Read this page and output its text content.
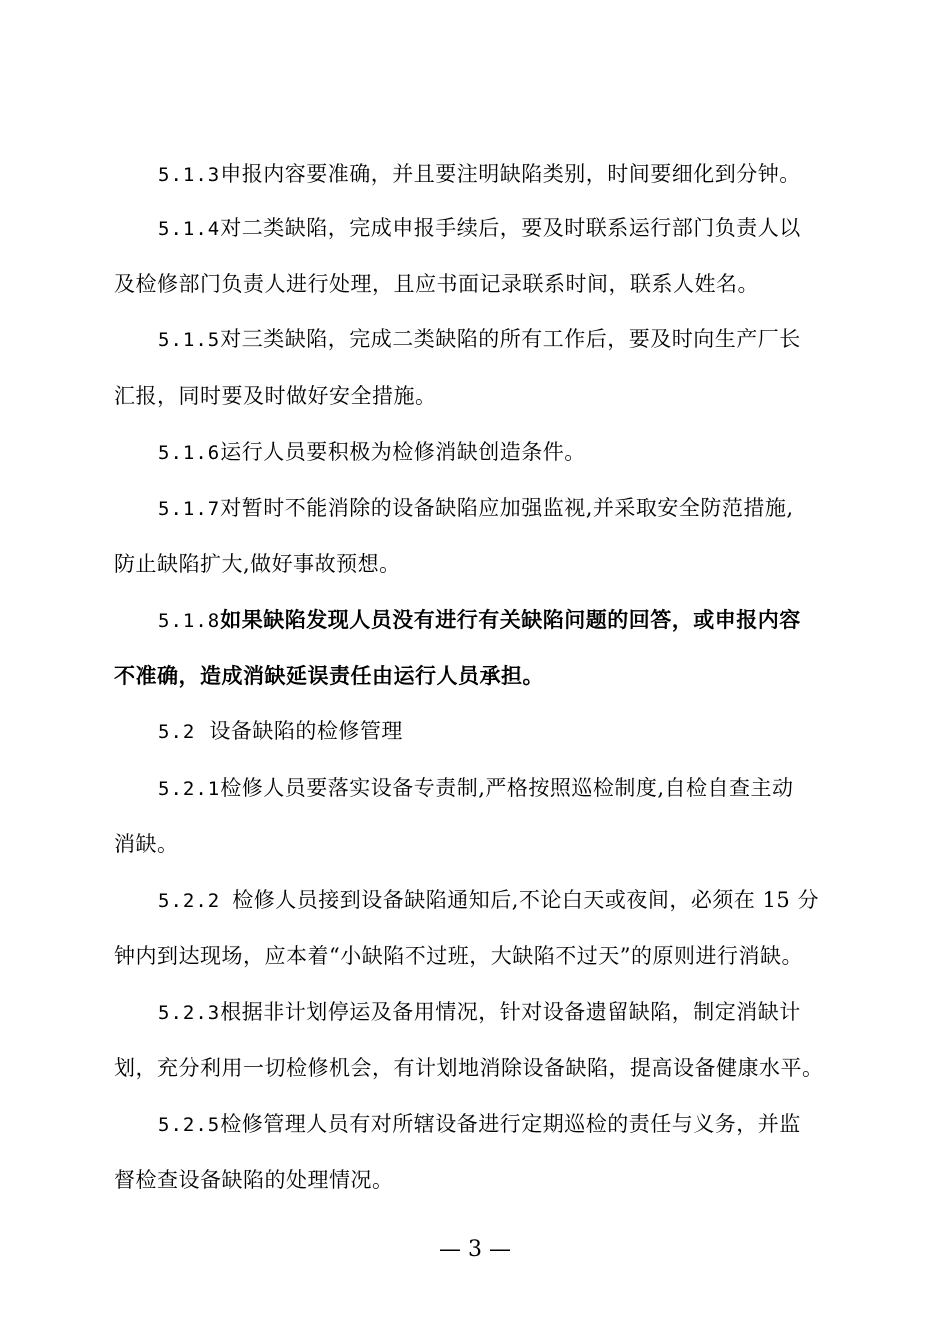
5.1.3申报内容要准确，并且要注明缺陷类别，时间要细化到分钟。
5.1.4对二类缺陷，完成申报手续后，要及时联系运行部门负责人以
及检修部门负责人进行处理，且应书面记录联系时间，联系人姓名。
5.1.5对三类缺陷，完成二类缺陷的所有工作后，要及时向生产厂长
汇报，同时要及时做好安全措施。
5.1.6运行人员要积极为检修消缺创造条件。
5.1.7对暂时不能消除的设备缺陷应加强监视,并采取安全防范措施,
防止缺陷扩大,做好事故预想。
5.1.8如果缺陷发现人员没有进行有关缺陷问题的回答，或申报内容
不准确，造成消缺延误责任由运行人员承担。
5.2 设备缺陷的检修管理
5.2.1检修人员要落实设备专责制,严格按照巡检制度,自检自查主动
消缺。
5.2.2 检修人员接到设备缺陷通知后,不论白天或夜间，必须在 15 分
钟内到达现场，应本着“小缺陷不过班，大缺陷不过天”的原则进行消缺。
5.2.3根据非计划停运及备用情况，针对设备遗留缺陷，制定消缺计
划，充分利用一切检修机会，有计划地消除设备缺陷，提高设备健康水平。
5.2.5检修管理人员有对所辖设备进行定期巡检的责任与义务，并监
督检查设备缺陷的处理情况。
— 3 —
